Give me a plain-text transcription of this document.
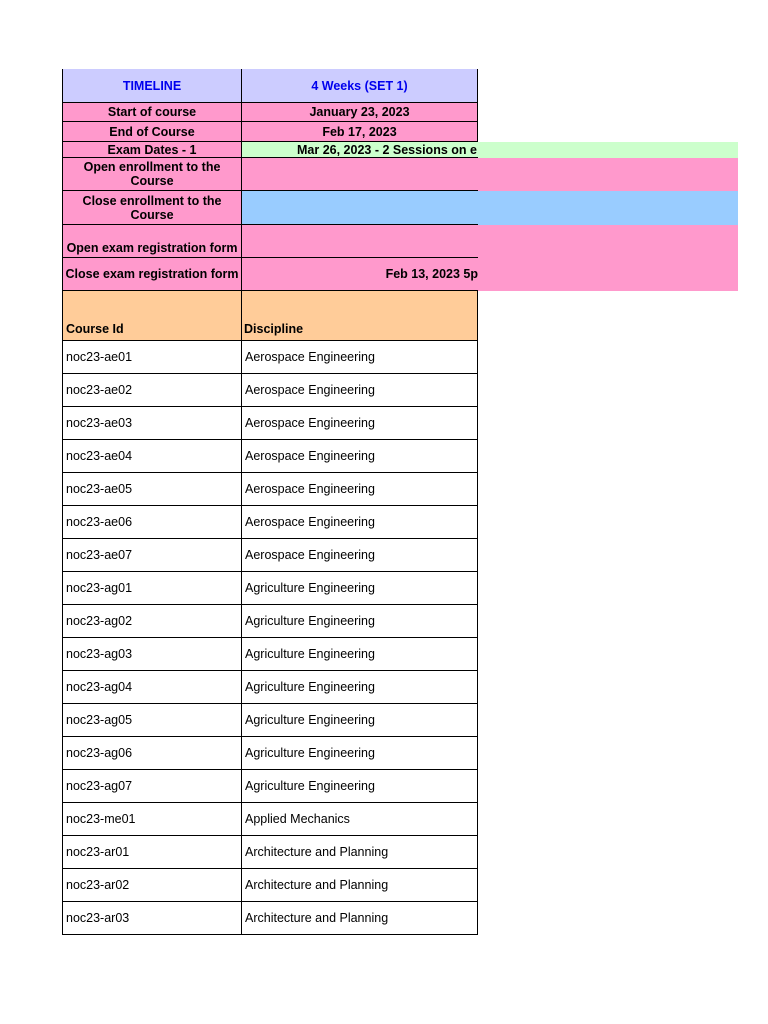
TIMELINE	4 Weeks (SET 1)
Start of course	January 23, 2023
End of Course	Feb 17, 2023
Exam Dates - 1	Mar 26, 2023 - 2 Sessions on e
Open enrollment to the Course
Close enrollment to the Course
Open exam registration form
Close exam registration form	Feb 13, 2023 5p
Course Id	Discipline
noc23-ae01	Aerospace Engineering
noc23-ae02	Aerospace Engineering
noc23-ae03	Aerospace Engineering
noc23-ae04	Aerospace Engineering
noc23-ae05	Aerospace Engineering
noc23-ae06	Aerospace Engineering
noc23-ae07	Aerospace Engineering
noc23-ag01	Agriculture Engineering
noc23-ag02	Agriculture Engineering
noc23-ag03	Agriculture Engineering
noc23-ag04	Agriculture Engineering
noc23-ag05	Agriculture Engineering
noc23-ag06	Agriculture Engineering
noc23-ag07	Agriculture Engineering
noc23-me01	Applied Mechanics
noc23-ar01	Architecture and Planning
noc23-ar02	Architecture and Planning
noc23-ar03	Architecture and Planning
